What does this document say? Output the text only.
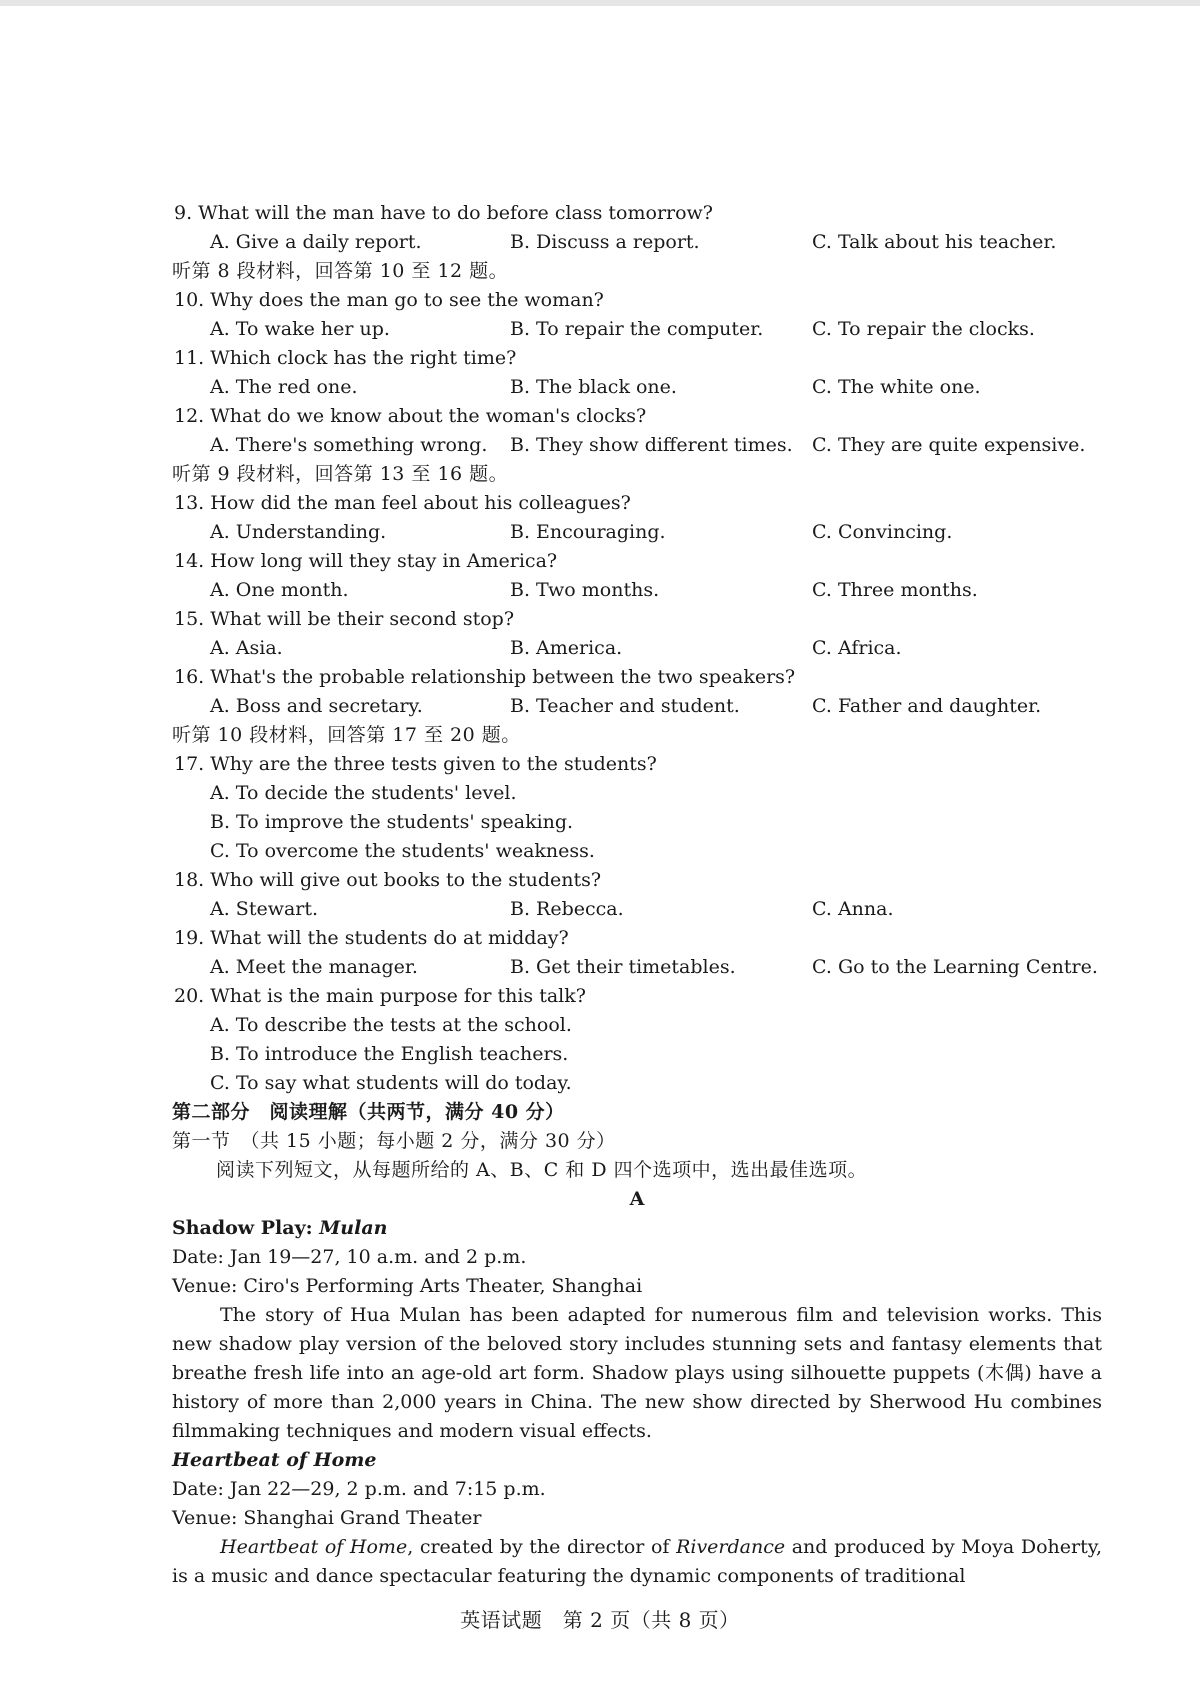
9. What will the man have to do before class tomorrow?
A. Give a daily report.	B. Discuss a report.	C. Talk about his teacher.
听第 8 段材料，回答第 10 至 12 题。
10. Why does the man go to see the woman?
A. To wake her up.	B. To repair the computer.	C. To repair the clocks.
11. Which clock has the right time?
A. The red one.	B. The black one.	C. The white one.
12. What do we know about the woman's clocks?
A. There's something wrong.	B. They show different times.	C. They are quite expensive.
听第 9 段材料，回答第 13 至 16 题。
13. How did the man feel about his colleagues?
A. Understanding.	B. Encouraging.	C. Convincing.
14. How long will they stay in America?
A. One month.	B. Two months.	C. Three months.
15. What will be their second stop?
A. Asia.	B. America.	C. Africa.
16. What's the probable relationship between the two speakers?
A. Boss and secretary.	B. Teacher and student.	C. Father and daughter.
听第 10 段材料，回答第 17 至 20 题。
17. Why are the three tests given to the students?
A. To decide the students' level.
B. To improve the students' speaking.
C. To overcome the students' weakness.
18. Who will give out books to the students?
A. Stewart.	B. Rebecca.	C. Anna.
19. What will the students do at midday?
A. Meet the manager.	B. Get their timetables.	C. Go to the Learning Centre.
20. What is the main purpose for this talk?
A. To describe the tests at the school.
B. To introduce the English teachers.
C. To say what students will do today.
第二部分　阅读理解（共两节，满分 40 分）
第一节　（共 15 小题；每小题 2 分，满分 30 分）
阅读下列短文，从每题所给的 A、B、C 和 D 四个选项中，选出最佳选项。
A
Shadow Play: Mulan
Date: Jan 19—27, 10 a.m. and 2 p.m.
Venue: Ciro's Performing Arts Theater, Shanghai
The story of Hua Mulan has been adapted for numerous film and television works. This new shadow play version of the beloved story includes stunning sets and fantasy elements that breathe fresh life into an age-old art form. Shadow plays using silhouette puppets (木偶) have a history of more than 2,000 years in China. The new show directed by Sherwood Hu combines filmmaking techniques and modern visual effects.
Heartbeat of Home
Date: Jan 22—29, 2 p.m. and 7:15 p.m.
Venue: Shanghai Grand Theater
Heartbeat of Home, created by the director of Riverdance and produced by Moya Doherty, is a music and dance spectacular featuring the dynamic components of traditional
英语试题　第 2 页（共 8 页）
